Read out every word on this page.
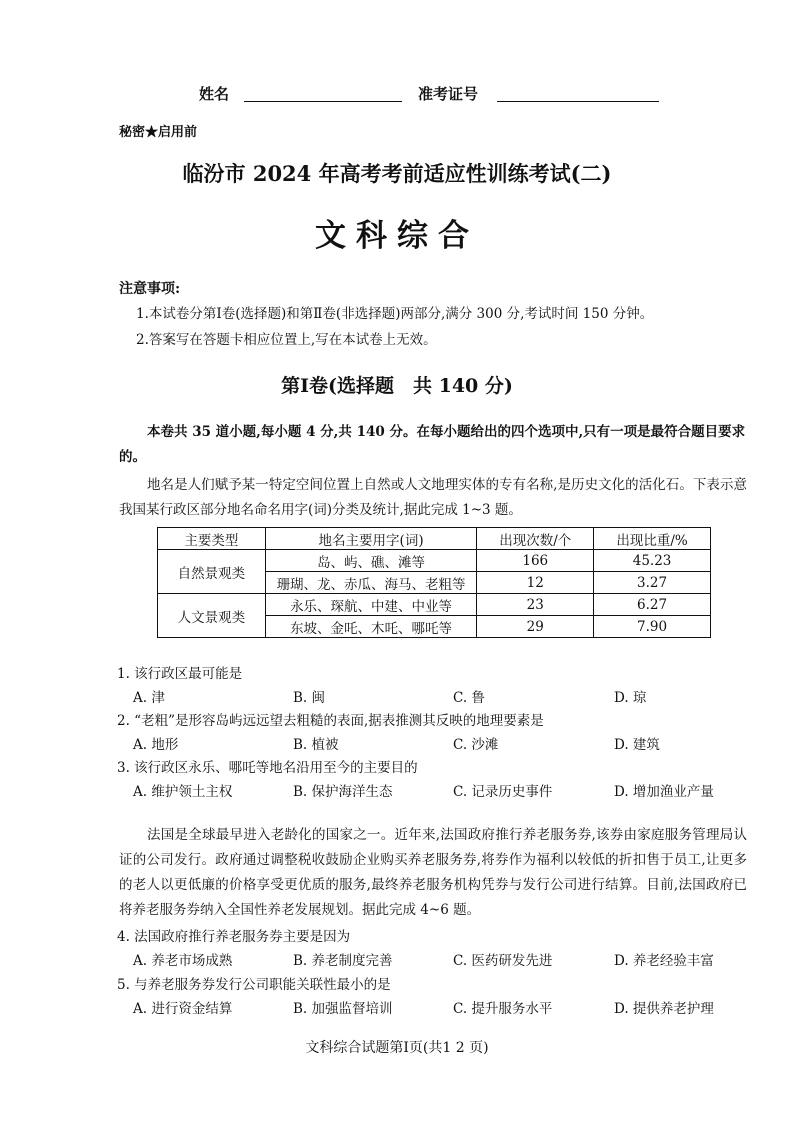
姓名	准考证号
秘密★启用前
临汾市 2024 年高考考前适应性训练考试(二)
文科综合
注意事项:
1.本试卷分第Ⅰ卷(选择题)和第Ⅱ卷(非选择题)两部分,满分 300 分,考试时间 150 分钟。
2.答案写在答题卡相应位置上,写在本试卷上无效。
第Ⅰ卷(选择题　共 140 分)
本卷共 35 道小题,每小题 4 分,共 140 分。在每小题给出的四个选项中,只有一项是最符合题目要求的。
地名是人们赋予某一特定空间位置上自然或人文地理实体的专有名称,是历史文化的活化石。下表示意我国某行政区部分地名命名用字(词)分类及统计,据此完成 1~3 题。
主要类型	地名主要用字(词)	出现次数/个	出现比重/%
自然景观类	岛、屿、礁、滩等	166	45.23
	珊瑚、龙、赤瓜、海马、老粗等	12	3.27
人文景观类	永乐、琛航、中建、中业等	23	6.27
	东坡、金吒、木吒、哪吒等	29	7.90
1. 该行政区最可能是
A. 津	B. 闽	C. 鲁	D. 琼
2. “老粗”是形容岛屿远远望去粗糙的表面,据表推测其反映的地理要素是
A. 地形	B. 植被	C. 沙滩	D. 建筑
3. 该行政区永乐、哪吒等地名沿用至今的主要目的
A. 维护领土主权	B. 保护海洋生态	C. 记录历史事件	D. 增加渔业产量
法国是全球最早进入老龄化的国家之一。近年来,法国政府推行养老服务券,该券由家庭服务管理局认证的公司发行。政府通过调整税收鼓励企业购买养老服务券,将券作为福利以较低的折扣售于员工,让更多的老人以更低廉的价格享受更优质的服务,最终养老服务机构凭券与发行公司进行结算。目前,法国政府已将养老服务券纳入全国性养老发展规划。据此完成 4~6 题。
4. 法国政府推行养老服务券主要是因为
A. 养老市场成熟	B. 养老制度完善	C. 医药研发先进	D. 养老经验丰富
5. 与养老服务券发行公司职能关联性最小的是
A. 进行资金结算	B. 加强监督培训	C. 提升服务水平	D. 提供养老护理
文科综合试题第Ⅰ页(共1 2 页)
